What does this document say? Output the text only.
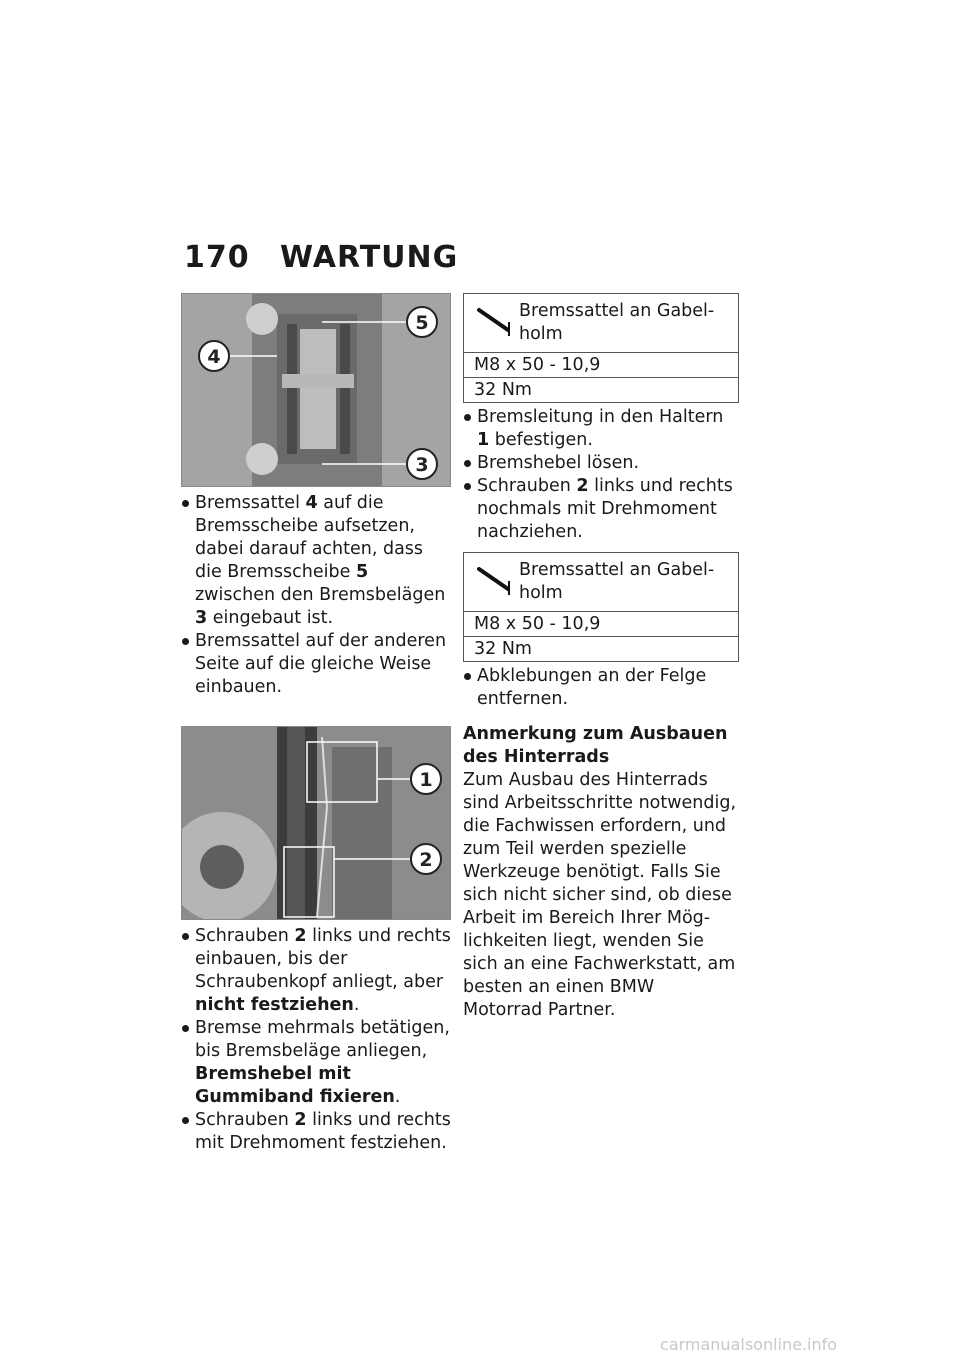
170 WARTUNG
4
5
3
Bremssattel 4 auf die Bremsscheibe aufsetzen, dabei darauf achten, dass die Bremsscheibe 5 zwischen den Bremsbelägen 3 eingebaut ist.
Bremssattel auf der anderen Seite auf die gleiche Weise einbauen.
1
2
Schrauben 2 links und rechts einbauen, bis der Schraubenkopf anliegt, aber nicht festziehen.
Bremse mehrmals betätigen, bis Bremsbeläge anliegen, Bremshebel mit Gummiband fixieren.
Schrauben 2 links und rechts mit Drehmoment festziehen.
Bremssattel an Gabelholm
M8 x 50 - 10,9
32 Nm
Bremsleitung in den Haltern 1 befestigen.
Bremshebel lösen.
Schrauben 2 links und rechts nochmals mit Drehmoment nachziehen.
Bremssattel an Gabelholm
M8 x 50 - 10,9
32 Nm
Abklebungen an der Felge entfernen.
Anmerkung zum Ausbauen des Hinterrads

Zum Ausbau des Hinterrads sind Arbeitsschritte notwendig, die Fachwissen erfordern, und zum Teil werden spezielle Werkzeuge benötigt. Falls Sie sich nicht sicher sind, ob diese Arbeit im Bereich Ihrer Möglichkeiten liegt, wenden Sie sich an eine Fachwerkstatt, am besten an einen BMW Motorrad Partner.

carmanualsonline.info
